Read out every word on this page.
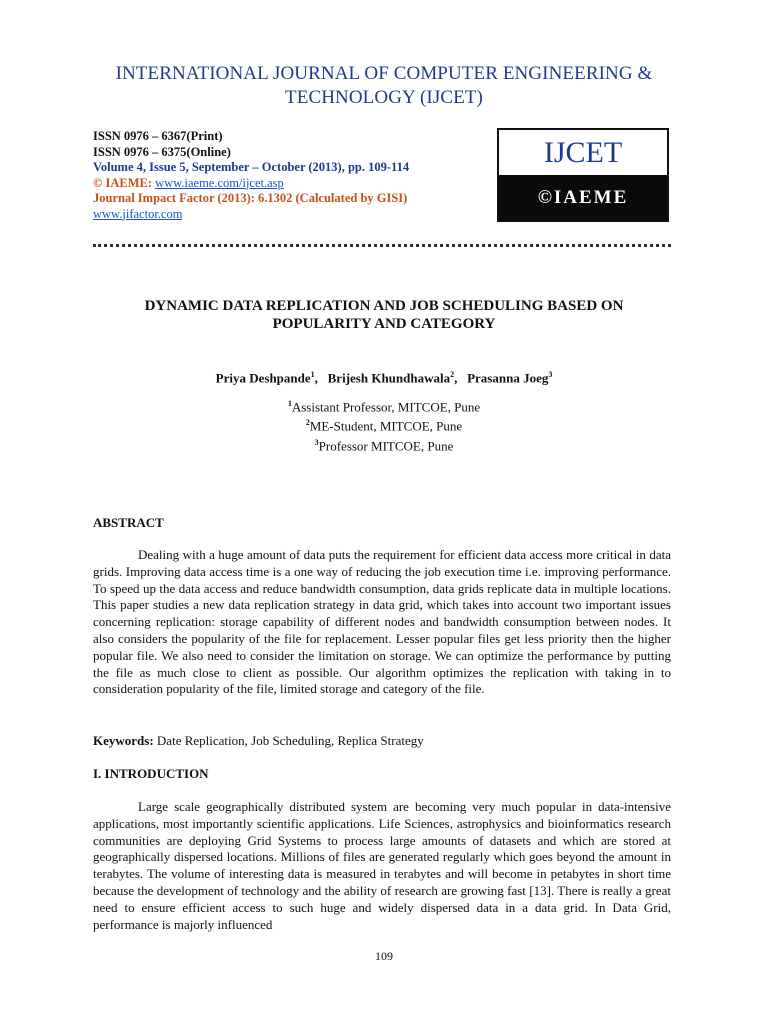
INTERNATIONAL JOURNAL OF COMPUTER ENGINEERING &
TECHNOLOGY (IJCET)
ISSN 0976 – 6367(Print)
ISSN 0976 – 6375(Online)
Volume 4, Issue 5, September – October (2013), pp. 109-114
© IAEME: www.iaeme.com/ijcet.asp
Journal Impact Factor (2013): 6.1302 (Calculated by GISI)
www.jifactor.com
IJCET
©IAEME
DYNAMIC DATA REPLICATION AND JOB SCHEDULING BASED ON
POPULARITY AND CATEGORY
Priya Deshpande$^1$,   Brijesh Khundhawala$^2$,   Prasanna Joeg$^3$
$^1$Assistant Professor, MITCOE, Pune
$^2$ME-Student, MITCOE, Pune
$^3$Professor MITCOE, Pune
ABSTRACT
Dealing with a huge amount of data puts the requirement for efficient data access more critical in data grids. Improving data access time is a one way of reducing the job execution time i.e. improving performance. To speed up the data access and reduce bandwidth consumption, data grids replicate data in multiple locations. This paper studies a new data replication strategy in data grid, which takes into account two important issues concerning replication: storage capability of different nodes and bandwidth consumption between nodes. It also considers the popularity of the file for replacement. Lesser popular files get less priority then the higher popular file. We also need to consider the limitation on storage. We can optimize the performance by putting the file as much close to client as possible. Our algorithm optimizes the replication with taking in to consideration popularity of the file, limited storage and category of the file.
Keywords: Date Replication, Job Scheduling, Replica Strategy
I. INTRODUCTION
Large scale geographically distributed system are becoming very much popular in data-intensive applications, most importantly scientific applications. Life Sciences, astrophysics and bioinformatics research communities are deploying Grid Systems to process large amounts of datasets and which are stored at geographically dispersed locations. Millions of files are generated regularly which goes beyond the amount in terabytes. The volume of interesting data is measured in terabytes and will become in petabytes in short time because the development of technology and the ability of research are growing fast [13]. There is really a great need to ensure efficient access to such huge and widely dispersed data in a data grid. In Data Grid, performance is majorly influenced
109
